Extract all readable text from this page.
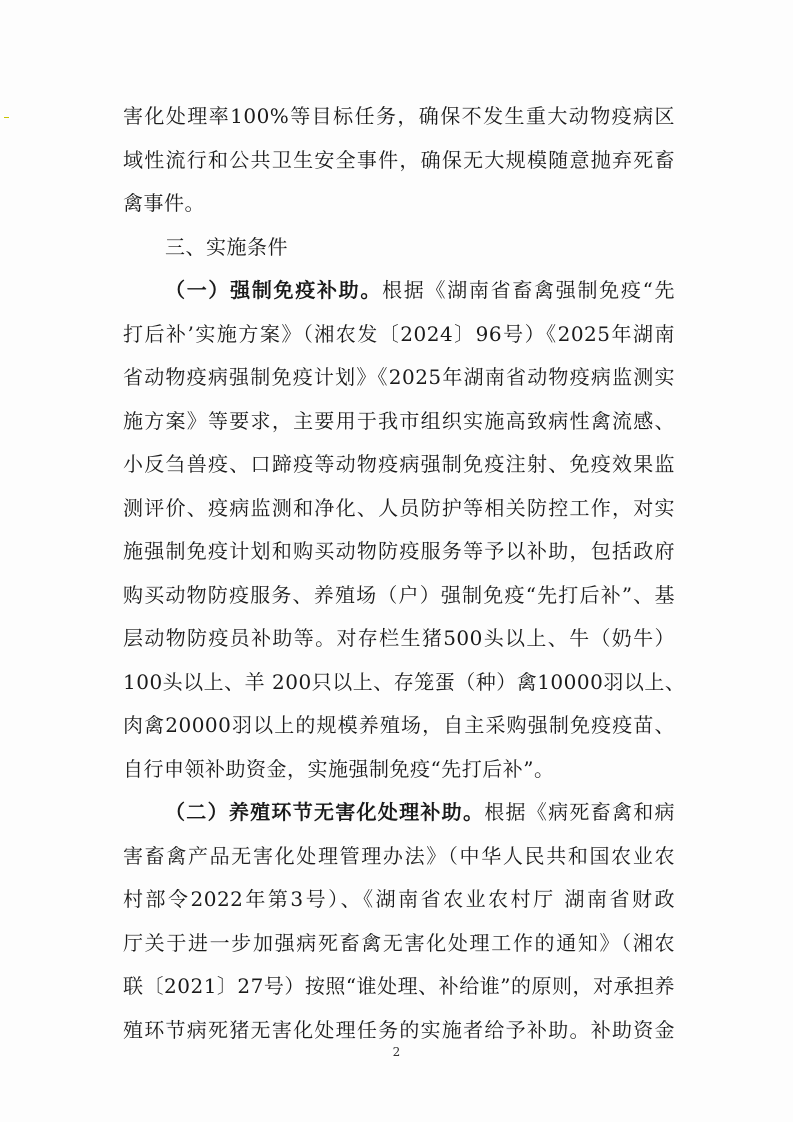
害化处理率100%等目标任务，确保不发生重大动物疫病区
域性流行和公共卫生安全事件，确保无大规模随意抛弃死畜
禽事件。
三、实施条件
（一）强制免疫补助。根据《湖南省畜禽强制免疫“先
打后补’实施方案》（湘农发〔2024〕96号）《2025年湖南
省动物疫病强制免疫计划》《2025年湖南省动物疫病监测实
施方案》等要求，主要用于我市组织实施高致病性禽流感、
小反刍兽疫、口蹄疫等动物疫病强制免疫注射、免疫效果监
测评价、疫病监测和净化、人员防护等相关防控工作，对实
施强制免疫计划和购买动物防疫服务等予以补助，包括政府
购买动物防疫服务、养殖场（户）强制免疫“先打后补”、基
层动物防疫员补助等。对存栏生猪500头以上、牛（奶牛）
100头以上、羊 200只以上、存笼蛋（种）禽10000羽以上、
肉禽20000羽以上的规模养殖场，自主采购强制免疫疫苗、
自行申领补助资金，实施强制免疫“先打后补”。
（二）养殖环节无害化处理补助。根据《病死畜禽和病
害畜禽产品无害化处理管理办法》（中华人民共和国农业农
村部令2022年第3号）、《湖南省农业农村厅 湖南省财政
厅关于进一步加强病死畜禽无害化处理工作的通知》（湘农
联〔2021〕27号）按照“谁处理、补给谁”的原则，对承担养
殖环节病死猪无害化处理任务的实施者给予补助。补助资金
2
